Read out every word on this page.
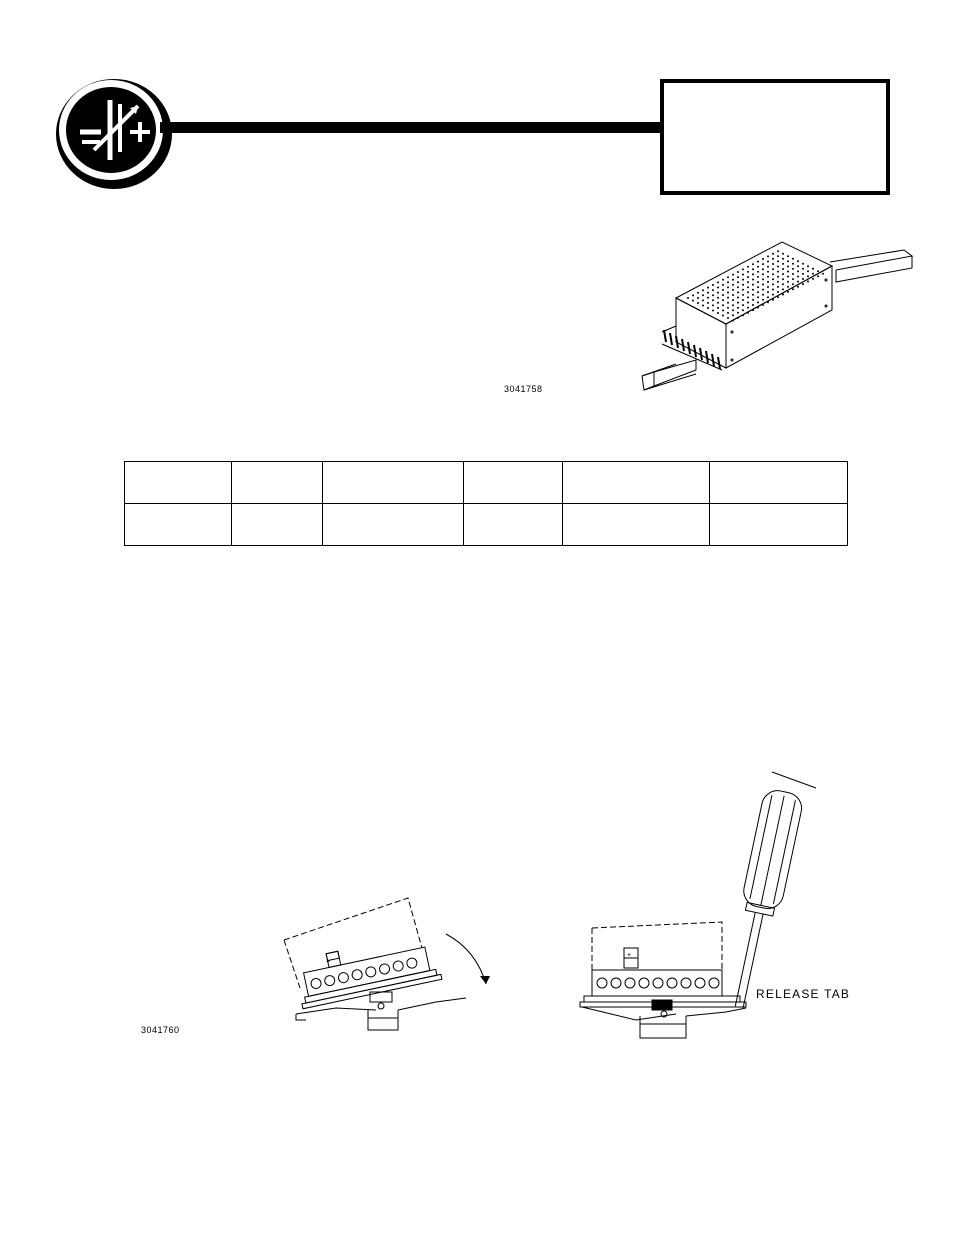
3041758

+
+
RELEASE TAB
3041760
